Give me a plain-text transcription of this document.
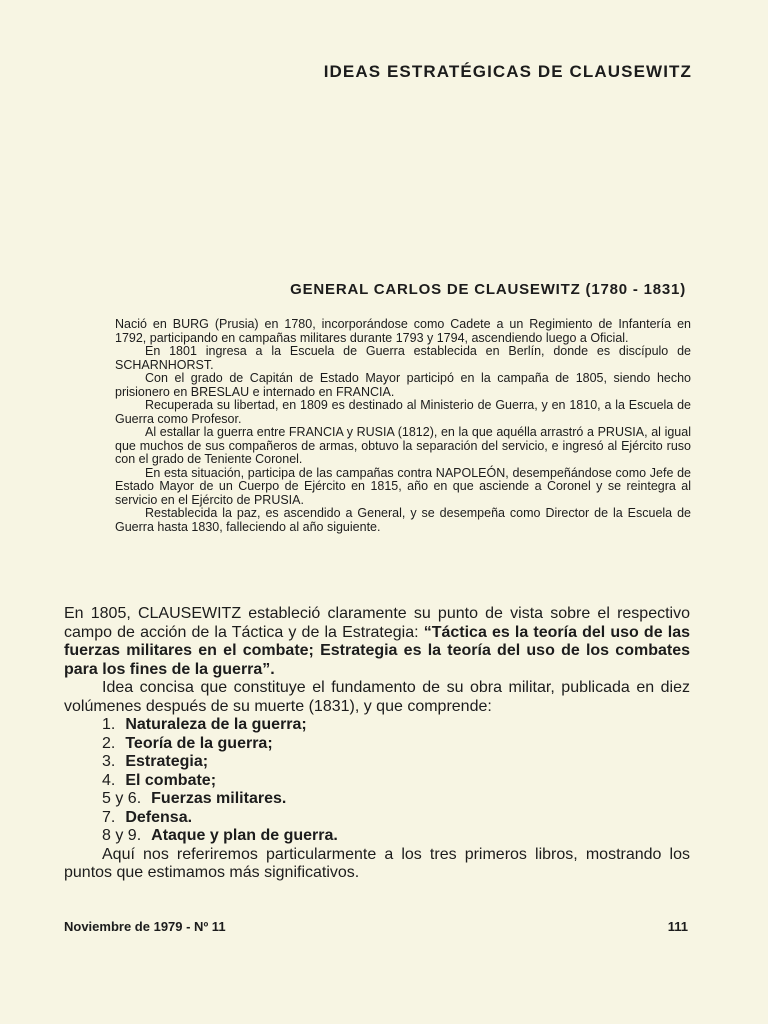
IDEAS ESTRATÉGICAS DE CLAUSEWITZ
GENERAL CARLOS DE CLAUSEWITZ (1780 - 1831)

Nació en BURG (Prusia) en 1780, incorporándose como Cadete a un Regimiento de Infantería en 1792, participando en campañas militares durante 1793 y 1794, ascendiendo luego a Oficial.

En 1801 ingresa a la Escuela de Guerra establecida en Berlín, donde es discípulo de SCHARNHORST.

Con el grado de Capitán de Estado Mayor participó en la campaña de 1805, siendo hecho prisionero en BRESLAU e internado en FRANCIA.

Recuperada su libertad, en 1809 es destinado al Ministerio de Guerra, y en 1810, a la Escuela de Guerra como Profesor.

Al estallar la guerra entre FRANCIA y RUSIA (1812), en la que aquélla arrastró a PRUSIA, al igual que muchos de sus compañeros de armas, obtuvo la separación del servicio, e ingresó al Ejército ruso con el grado de Teniente Coronel.

En esta situación, participa de las campañas contra NAPOLEÓN, desempeñándose como Jefe de Estado Mayor de un Cuerpo de Ejército en 1815, año en que asciende a Coronel y se reintegra al servicio en el Ejército de PRUSIA.

Restablecida la paz, es ascendido a General, y se desempeña como Director de la Escuela de Guerra hasta 1830, falleciendo al año siguiente.

En 1805, CLAUSEWITZ estableció claramente su punto de vista sobre el respectivo campo de acción de la Táctica y de la Estrategia: “Táctica es la teoría del uso de las fuerzas militares en el combate; Estrategia es la teoría del uso de los combates para los fines de la guerra”.

Idea concisa que constituye el fundamento de su obra militar, publicada en diez volúmenes después de su muerte (1831), y que comprende:

1. Naturaleza de la guerra;
2. Teoría de la guerra;
3. Estrategia;
4. El combate;
5 y 6. Fuerzas militares.
7. Defensa.
8 y 9. Ataque y plan de guerra.

Aquí nos referiremos particularmente a los tres primeros libros, mostrando los puntos que estimamos más significativos.

Noviembre de 1979 - Nº 11	111
